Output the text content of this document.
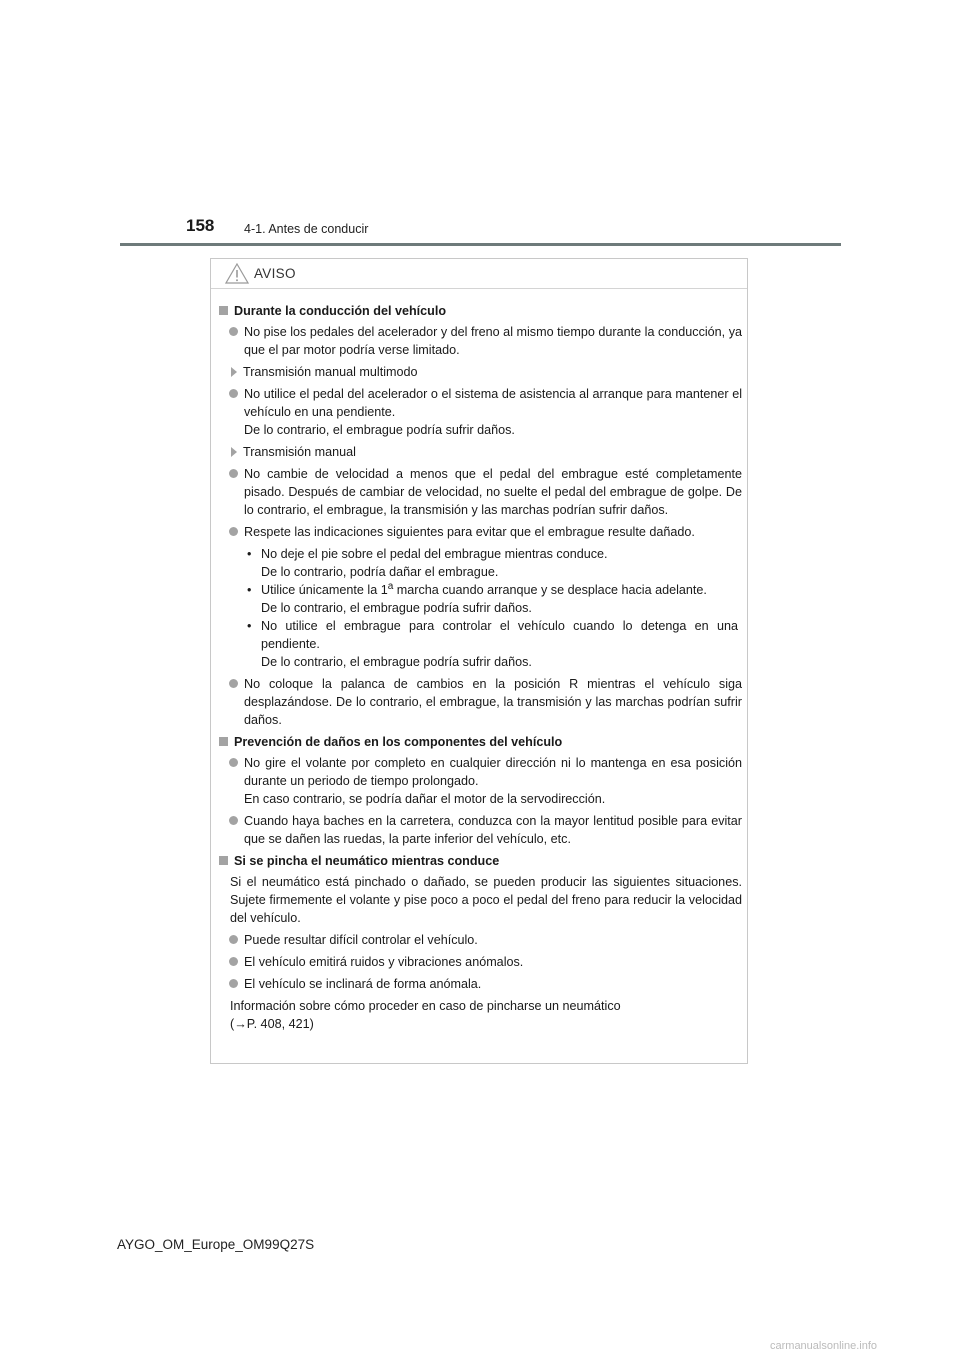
158 4-1. Antes de conducir
AVISO
Durante la conducción del vehículo
No pise los pedales del acelerador y del freno al mismo tiempo durante la conducción, ya que el par motor podría verse limitado.
Transmisión manual multimodo
No utilice el pedal del acelerador o el sistema de asistencia al arranque para mantener el vehículo en una pendiente.
De lo contrario, el embrague podría sufrir daños.
Transmisión manual
No cambie de velocidad a menos que el pedal del embrague esté completamente pisado. Después de cambiar de velocidad, no suelte el pedal del embrague de golpe. De lo contrario, el embrague, la transmisión y las marchas podrían sufrir daños.
Respete las indicaciones siguientes para evitar que el embrague resulte dañado.
• No deje el pie sobre el pedal del embrague mientras conduce.
De lo contrario, podría dañar el embrague.
• Utilice únicamente la 1$^a$ marcha cuando arranque y se desplace hacia adelante.
De lo contrario, el embrague podría sufrir daños.
• No utilice el embrague para controlar el vehículo cuando lo detenga en una pendiente.
De lo contrario, el embrague podría sufrir daños.
No coloque la palanca de cambios en la posición R mientras el vehículo siga desplazándose. De lo contrario, el embrague, la transmisión y las marchas podrían sufrir daños.
Prevención de daños en los componentes del vehículo
No gire el volante por completo en cualquier dirección ni lo mantenga en esa posición durante un periodo de tiempo prolongado.
En caso contrario, se podría dañar el motor de la servodirección.
Cuando haya baches en la carretera, conduzca con la mayor lentitud posible para evitar que se dañen las ruedas, la parte inferior del vehículo, etc.
Si se pincha el neumático mientras conduce
Si el neumático está pinchado o dañado, se pueden producir las siguientes situaciones. Sujete firmemente el volante y pise poco a poco el pedal del freno para reducir la velocidad del vehículo.
Puede resultar difícil controlar el vehículo.
El vehículo emitirá ruidos y vibraciones anómalos.
El vehículo se inclinará de forma anómala.
Información sobre cómo proceder en caso de pincharse un neumático
(→P. 408, 421)
AYGO_OM_Europe_OM99Q27S
carmanualsonline.info
